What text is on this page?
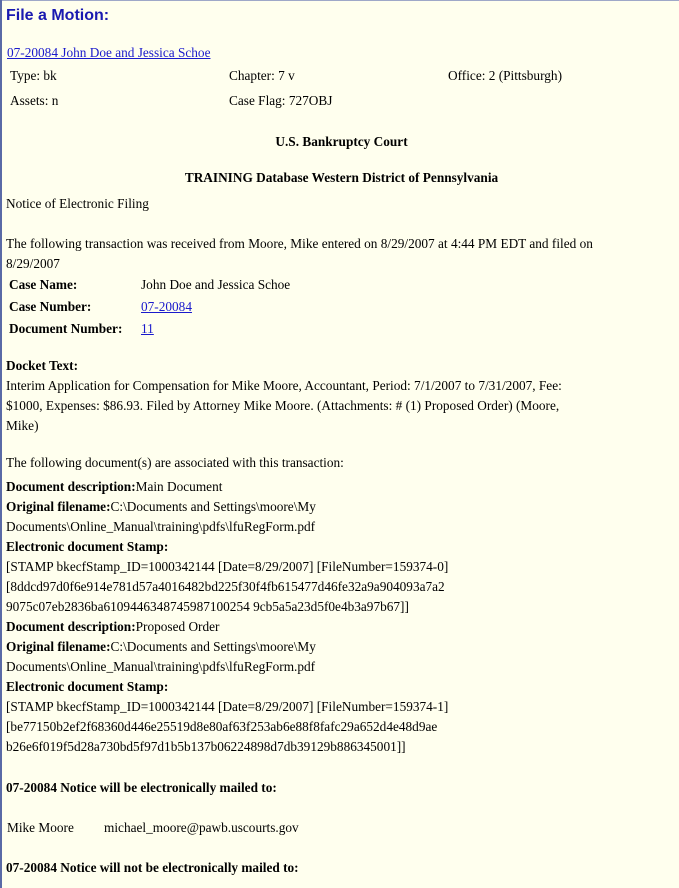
File a Motion:
07-20084 John Doe and Jessica Schoe
Type: bk	Chapter: 7 v	Office: 2 (Pittsburgh)
Assets: n	Case Flag: 727OBJ
U.S. Bankruptcy Court
TRAINING Database Western District of Pennsylvania
Notice of Electronic Filing
The following transaction was received from Moore, Mike entered on 8/29/2007 at 4:44 PM EDT and filed on
8/29/2007
Case Name:	John Doe and Jessica Schoe
Case Number:	07-20084
Document Number: 11
Docket Text:
Interim Application for Compensation for Mike Moore, Accountant, Period: 7/1/2007 to 7/31/2007, Fee:
$1000, Expenses: $86.93. Filed by Attorney Mike Moore. (Attachments: # (1) Proposed Order) (Moore,
Mike)
The following document(s) are associated with this transaction:
Document description:Main Document
Original filename:C:\Documents and Settings\moore\My
Documents\Online_Manual\training\pdfs\lfuRegForm.pdf
Electronic document Stamp:
[STAMP bkecfStamp_ID=1000342144 [Date=8/29/2007] [FileNumber=159374-0]
[8ddcd97d0f6e914e781d57a4016482bd225f30f4fb615477d46fe32a9a904093a7a2
9075c07eb2836ba6109446348745987100254 9cb5a5a23d5f0e4b3a97b67]]
Document description:Proposed Order
Original filename:C:\Documents and Settings\moore\My
Documents\Online_Manual\training\pdfs\lfuRegForm.pdf
Electronic document Stamp:
[STAMP bkecfStamp_ID=1000342144 [Date=8/29/2007] [FileNumber=159374-1]
[be77150b2ef2f68360d446e25519d8e80af63f253ab6e88f8fafc29a652d4e48d9ae
b26e6f019f5d28a730bd5f97d1b5b137b06224898d7db39129b886345001]]
07-20084 Notice will be electronically mailed to:
Mike Moore michael_moore@pawb.uscourts.gov
07-20084 Notice will not be electronically mailed to:
